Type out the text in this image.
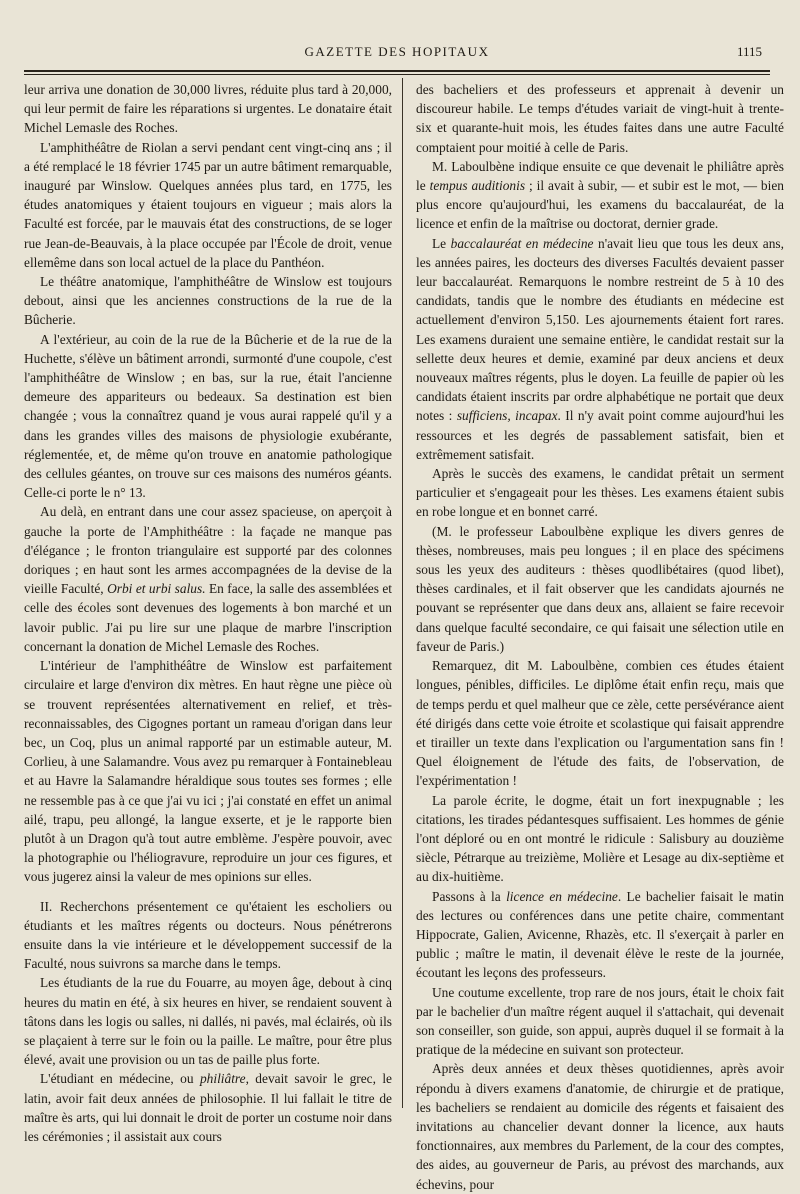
GAZETTE DES HOPITAUX	1115

leur arriva une donation de 30,000 livres, réduite plus tard à 20,000, qui leur permit de faire les réparations si urgentes. Le donataire était Michel Lemasle des Roches.

L'amphithéâtre de Riolan a servi pendant cent vingt-cinq ans ; il a été remplacé le 18 février 1745 par un autre bâtiment remarquable, inauguré par Winslow. Quelques années plus tard, en 1775, les études anatomiques y étaient toujours en vigueur ; mais alors la Faculté est forcée, par le mauvais état des constructions, de se loger rue Jean-de-Beauvais, à la place occupée par l'École de droit, venue ellemême dans son local actuel de la place du Panthéon.

Le théâtre anatomique, l'amphithéâtre de Winslow est toujours debout, ainsi que les anciennes constructions de la rue de la Bûcherie.

A l'extérieur, au coin de la rue de la Bûcherie et de la rue de la Huchette, s'élève un bâtiment arrondi, surmonté d'une coupole, c'est l'amphithéâtre de Winslow ; en bas, sur la rue, était l'ancienne demeure des appariteurs ou bedeaux. Sa destination est bien changée ; vous la connaîtrez quand je vous aurai rappelé qu'il y a dans les grandes villes des maisons de physiologie exubérante, réglementée, et, de même qu'on trouve en anatomie pathologique des cellules géantes, on trouve sur ces maisons des numéros géants. Celle-ci porte le n° 13.

Au delà, en entrant dans une cour assez spacieuse, on aperçoit à gauche la porte de l'Amphithéâtre : la façade ne manque pas d'élégance ; le fronton triangulaire est supporté par des colonnes doriques ; en haut sont les armes accompagnées de la devise de la vieille Faculté, Orbi et urbi salus. En face, la salle des assemblées et celle des écoles sont devenues des logements à bon marché et un lavoir public. J'ai pu lire sur une plaque de marbre l'inscription concernant la donation de Michel Lemasle des Roches.

L'intérieur de l'amphithéâtre de Winslow est parfaitement circulaire et large d'environ dix mètres. En haut règne une pièce où se trouvent représentées alternativement en relief, et très-reconnaissables, des Cigognes portant un rameau d'origan dans leur bec, un Coq, plus un animal rapporté par un estimable auteur, M. Corlieu, à une Salamandre. Vous avez pu remarquer à Fontainebleau et au Havre la Salamandre héraldique sous toutes ses formes ; elle ne ressemble pas à ce que j'ai vu ici ; j'ai constaté en effet un animal ailé, trapu, peu allongé, la langue exserte, et je le rapporte bien plutôt à un Dragon qu'à tout autre emblème. J'espère pouvoir, avec la photographie ou l'héliogravure, reproduire un jour ces figures, et vous jugerez ainsi la valeur de mes opinions sur elles.

II. Recherchons présentement ce qu'étaient les escholiers ou étudiants et les maîtres régents ou docteurs. Nous pénétrerons ensuite dans la vie intérieure et le développement successif de la Faculté, nous suivrons sa marche dans le temps.

Les étudiants de la rue du Fouarre, au moyen âge, debout à cinq heures du matin en été, à six heures en hiver, se rendaient souvent à tâtons dans les logis ou salles, ni dallés, ni pavés, mal éclairés, où ils se plaçaient à terre sur le foin ou la paille. Le maître, pour être plus élevé, avait une provision ou un tas de paille plus forte.

L'étudiant en médecine, ou philiâtre, devait savoir le grec, le latin, avoir fait deux années de philosophie. Il lui fallait le titre de maître ès arts, qui lui donnait le droit de porter un costume noir dans les cérémonies ; il assistait aux cours

des bacheliers et des professeurs et apprenait à devenir un discoureur habile. Le temps d'études variait de vingt-huit à trente-six et quarante-huit mois, les études faites dans une autre Faculté comptaient pour moitié à celle de Paris.

M. Laboulbène indique ensuite ce que devenait le philiâtre après le tempus auditionis ; il avait à subir, — et subir est le mot, — bien plus encore qu'aujourd'hui, les examens du baccalauréat, de la licence et enfin de la maîtrise ou doctorat, dernier grade.

Le baccalauréat en médecine n'avait lieu que tous les deux ans, les années paires, les docteurs des diverses Facultés devaient passer leur baccalauréat. Remarquons le nombre restreint de 5 à 10 des candidats, tandis que le nombre des étudiants en médecine est actuellement d'environ 5,150. Les ajournements étaient fort rares. Les examens duraient une semaine entière, le candidat restait sur la sellette deux heures et demie, examiné par deux anciens et deux nouveaux maîtres régents, plus le doyen. La feuille de papier où les candidats étaient inscrits par ordre alphabétique ne portait que deux notes : sufficiens, incapax. Il n'y avait point comme aujourd'hui les ressources et les degrés de passablement satisfait, bien et extrêmement satisfait.

Après le succès des examens, le candidat prêtait un serment particulier et s'engageait pour les thèses. Les examens étaient subis en robe longue et en bonnet carré.

(M. le professeur Laboulbène explique les divers genres de thèses, nombreuses, mais peu longues ; il en place des spécimens sous les yeux des auditeurs : thèses quodlibétaires (quod libet), thèses cardinales, et il fait observer que les candidats ajournés ne pouvant se représenter que dans deux ans, allaient se faire recevoir dans quelque faculté secondaire, ce qui faisait une sélection utile en faveur de Paris.)

Remarquez, dit M. Laboulbène, combien ces études étaient longues, pénibles, difficiles. Le diplôme était enfin reçu, mais que de temps perdu et quel malheur que ce zèle, cette persévérance aient été dirigés dans cette voie étroite et scolastique qui faisait apprendre et tirailler un texte dans l'explication ou l'argumentation sans fin ! Quel éloignement de l'étude des faits, de l'observation, de l'expérimentation !

La parole écrite, le dogme, était un fort inexpugnable ; les citations, les tirades pédantesques suffisaient. Les hommes de génie l'ont déploré ou en ont montré le ridicule : Salisbury au douzième siècle, Pétrarque au treizième, Molière et Lesage au dix-septième et au dix-huitième.

Passons à la licence en médecine. Le bachelier faisait le matin des lectures ou conférences dans une petite chaire, commentant Hippocrate, Galien, Avicenne, Rhazès, etc. Il s'exerçait à parler en public ; maître le matin, il devenait élève le reste de la journée, écoutant les leçons des professeurs.

Une coutume excellente, trop rare de nos jours, était le choix fait par le bachelier d'un maître régent auquel il s'attachait, qui devenait son conseiller, son guide, son appui, auprès duquel il se formait à la pratique de la médecine en suivant son protecteur.

Après deux années et deux thèses quotidiennes, après avoir répondu à divers examens d'anatomie, de chirurgie et de pratique, les bacheliers se rendaient au domicile des régents et faisaient des invitations au chancelier devant donner la licence, aux hauts fonctionnaires, aux membres du Parlement, de la cour des comptes, des aides, au gouverneur de Paris, au prévost des marchands, aux échevins, pour
